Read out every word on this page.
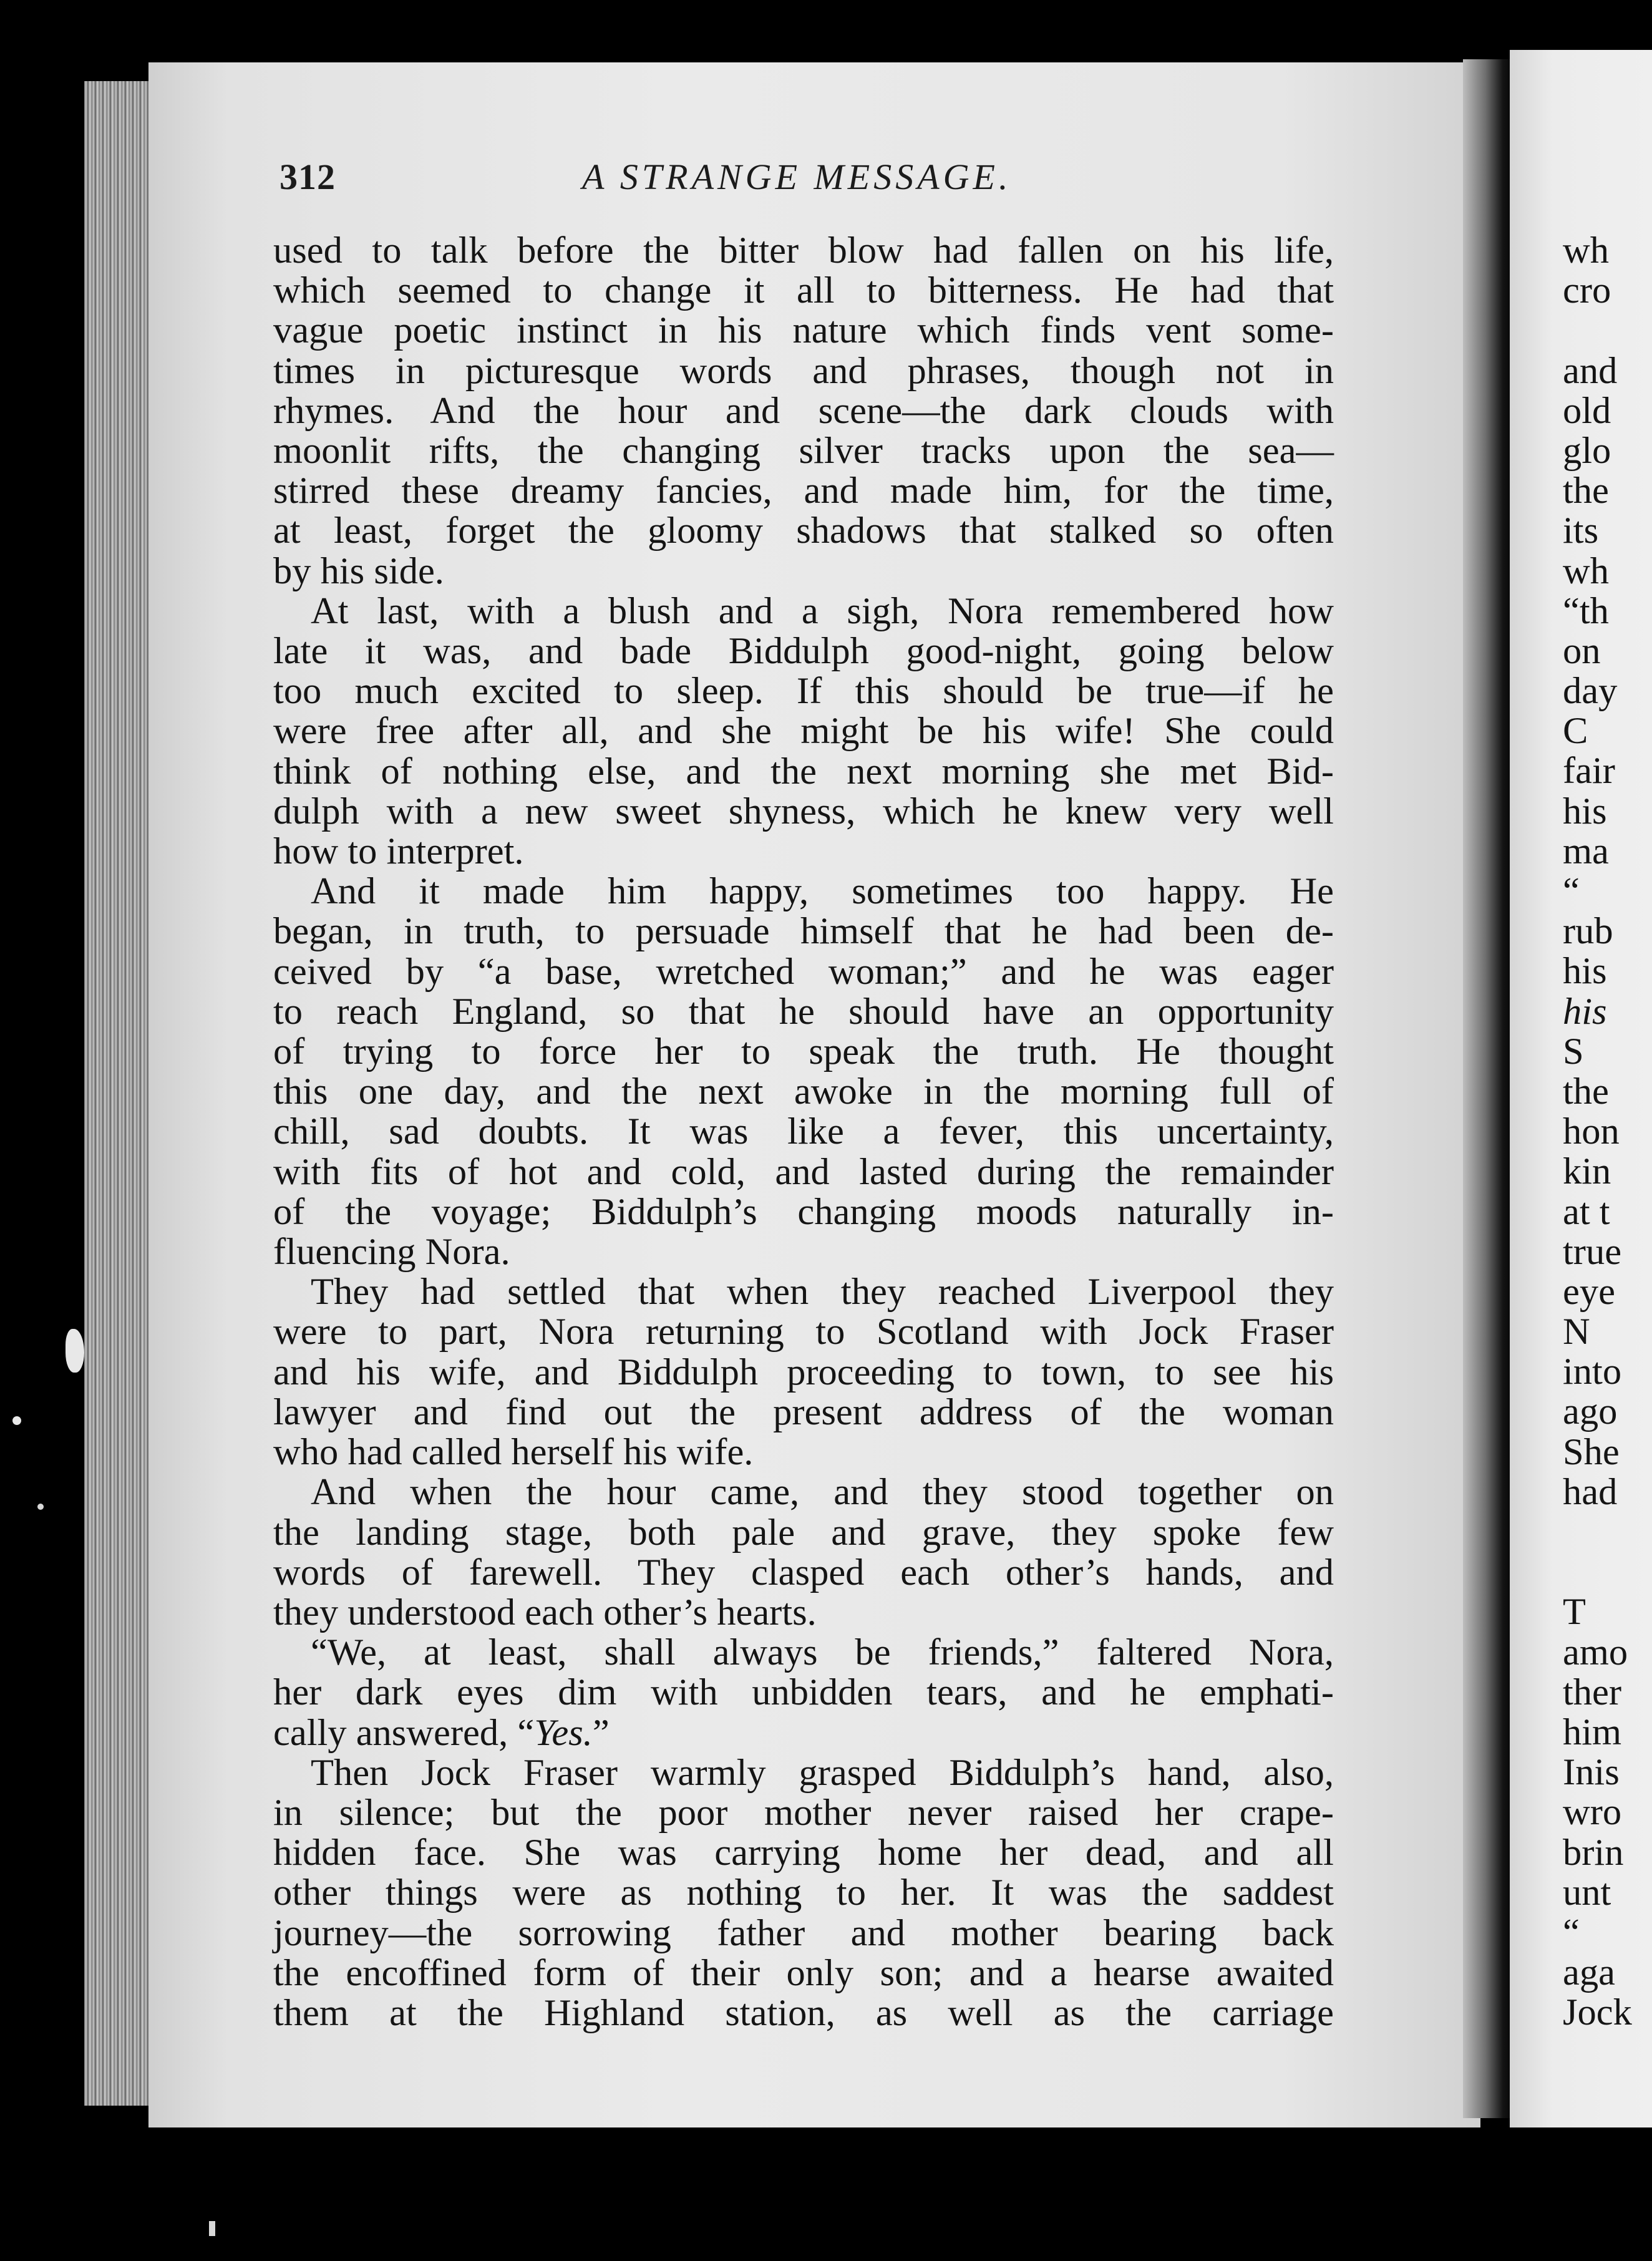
312	A STRANGE MESSAGE.

used to talk before the bitter blow had fallen on his life,
which seemed to change it all to bitterness. He had that
vague poetic instinct in his nature which finds vent some-
times in picturesque words and phrases, though not in
rhymes. And the hour and scene—the dark clouds with
moonlit rifts, the changing silver tracks upon the sea—
stirred these dreamy fancies, and made him, for the time,
at least, forget the gloomy shadows that stalked so often
by his side.

At last, with a blush and a sigh, Nora remembered how
late it was, and bade Biddulph good-night, going below
too much excited to sleep. If this should be true—if he
were free after all, and she might be his wife! She could
think of nothing else, and the next morning she met Bid-
dulph with a new sweet shyness, which he knew very well
how to interpret.

And it made him happy, sometimes too happy. He
began, in truth, to persuade himself that he had been de-
ceived by “a base, wretched woman;” and he was eager
to reach England, so that he should have an opportunity
of trying to force her to speak the truth. He thought
this one day, and the next awoke in the morning full of
chill, sad doubts. It was like a fever, this uncertainty,
with fits of hot and cold, and lasted during the remainder
of the voyage; Biddulph’s changing moods naturally in-
fluencing Nora.

They had settled that when they reached Liverpool they
were to part, Nora returning to Scotland with Jock Fraser
and his wife, and Biddulph proceeding to town, to see his
lawyer and find out the present address of the woman
who had called herself his wife.

And when the hour came, and they stood together on
the landing stage, both pale and grave, they spoke few
words of farewell. They clasped each other’s hands, and
they understood each other’s hearts.

“We, at least, shall always be friends,” faltered Nora,
her dark eyes dim with unbidden tears, and he emphati-
cally answered, “Yes.”

Then Jock Fraser warmly grasped Biddulph’s hand, also,
in silence; but the poor mother never raised her crape-
hidden face. She was carrying home her dead, and all
other things were as nothing to her. It was the saddest
journey—the sorrowing father and mother bearing back
the encoffined form of their only son; and a hearse awaited
them at the Highland station, as well as the carriage

wh
cro
and
old
glo
the
its
wh
“th
on
day
C
fair
his
ma
“
rub
his
his
S
the
hon
kin
at t
true
eye
N
into
ago
She
had
T
amo
ther
him
Inis
wro
brin
unt
“
aga
Jock
